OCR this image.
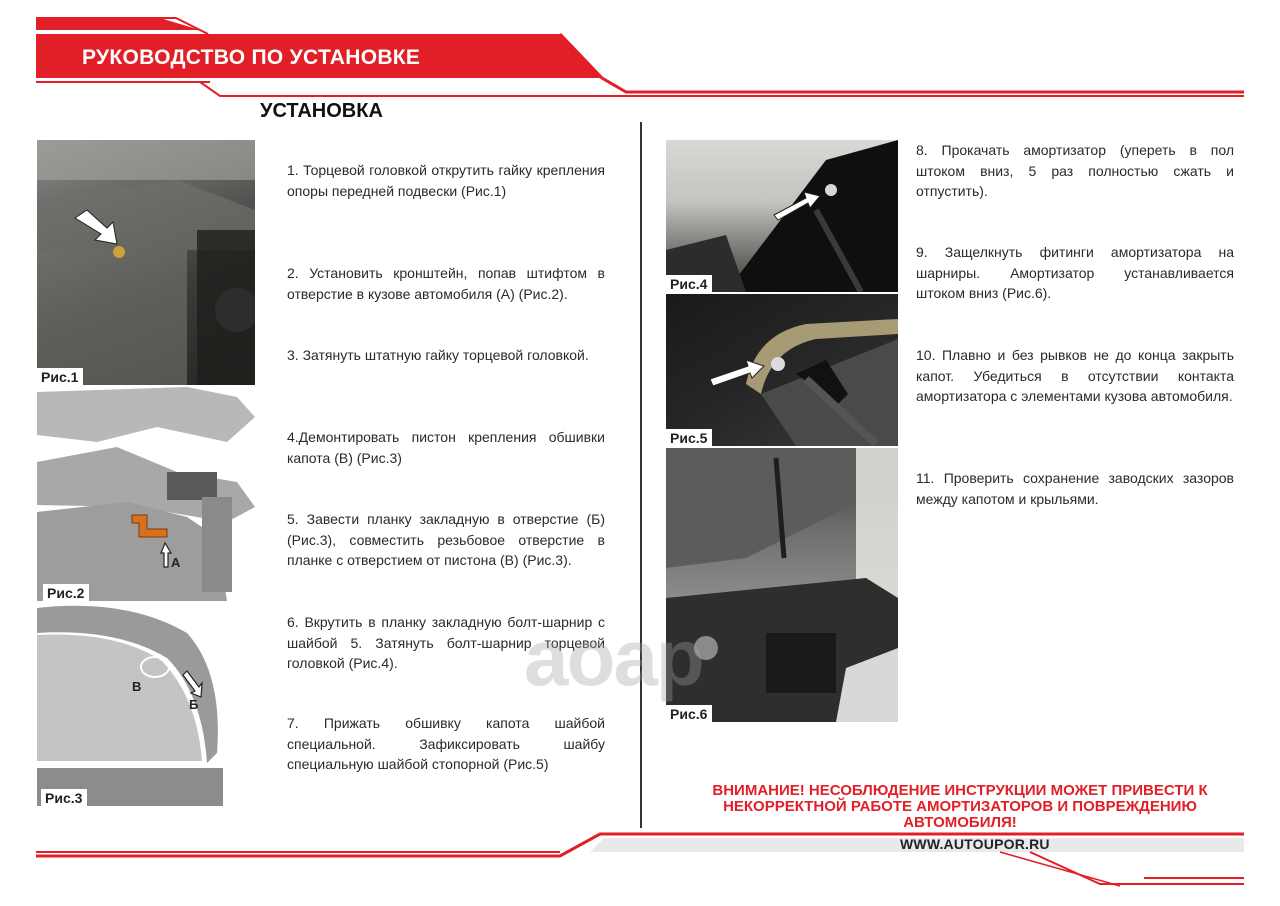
РУКОВОДСТВО ПО УСТАНОВКЕ
УСТАНОВКА
Рис.1
А
Рис.2
В
Б
Рис.3
Рис.4
Рис.5
Рис.6
1. Торцевой головкой открутить гайку крепления опоры передней подвески (Рис.1)
2. Установить кронштейн, попав штифтом в отверстие в кузове автомобиля (А) (Рис.2).
3. Затянуть штатную гайку торцевой головкой.
4.Демонтировать пистон крепления обшивки капота (В) (Рис.3)
5. Завести планку закладную в отверстие (Б) (Рис.3), совместить резьбовое отверстие в планке с отверстием от пистона (В) (Рис.3).
6. Вкрутить в планку закладную болт-шарнир с шайбой 5. Затянуть болт-шарнир торцевой головкой (Рис.4).
7. Прижать обшивку капота шайбой специальной. Зафиксировать шайбу специальную шайбой стопорной (Рис.5)
8. Прокачать амортизатор (упереть в пол штоком вниз, 5 раз полностью сжать и отпустить).
9. Защелкнуть фитинги амортизатора на шарниры. Амортизатор устанавливается штоком вниз (Рис.6).
10. Плавно и без рывков не до конца закрыть капот. Убедиться в отсутствии контакта амортизатора с элементами кузова автомобиля.
11. Проверить сохранение заводских зазоров между капотом и крыльями.
aoap
ВНИМАНИЕ! НЕСОБЛЮДЕНИЕ ИНСТРУКЦИИ МОЖЕТ ПРИВЕСТИ К
НЕКОРРЕКТНОЙ РАБОТЕ АМОРТИЗАТОРОВ И ПОВРЕЖДЕНИЮ
АВТОМОБИЛЯ!
WWW.AUTOUPOR.RU
